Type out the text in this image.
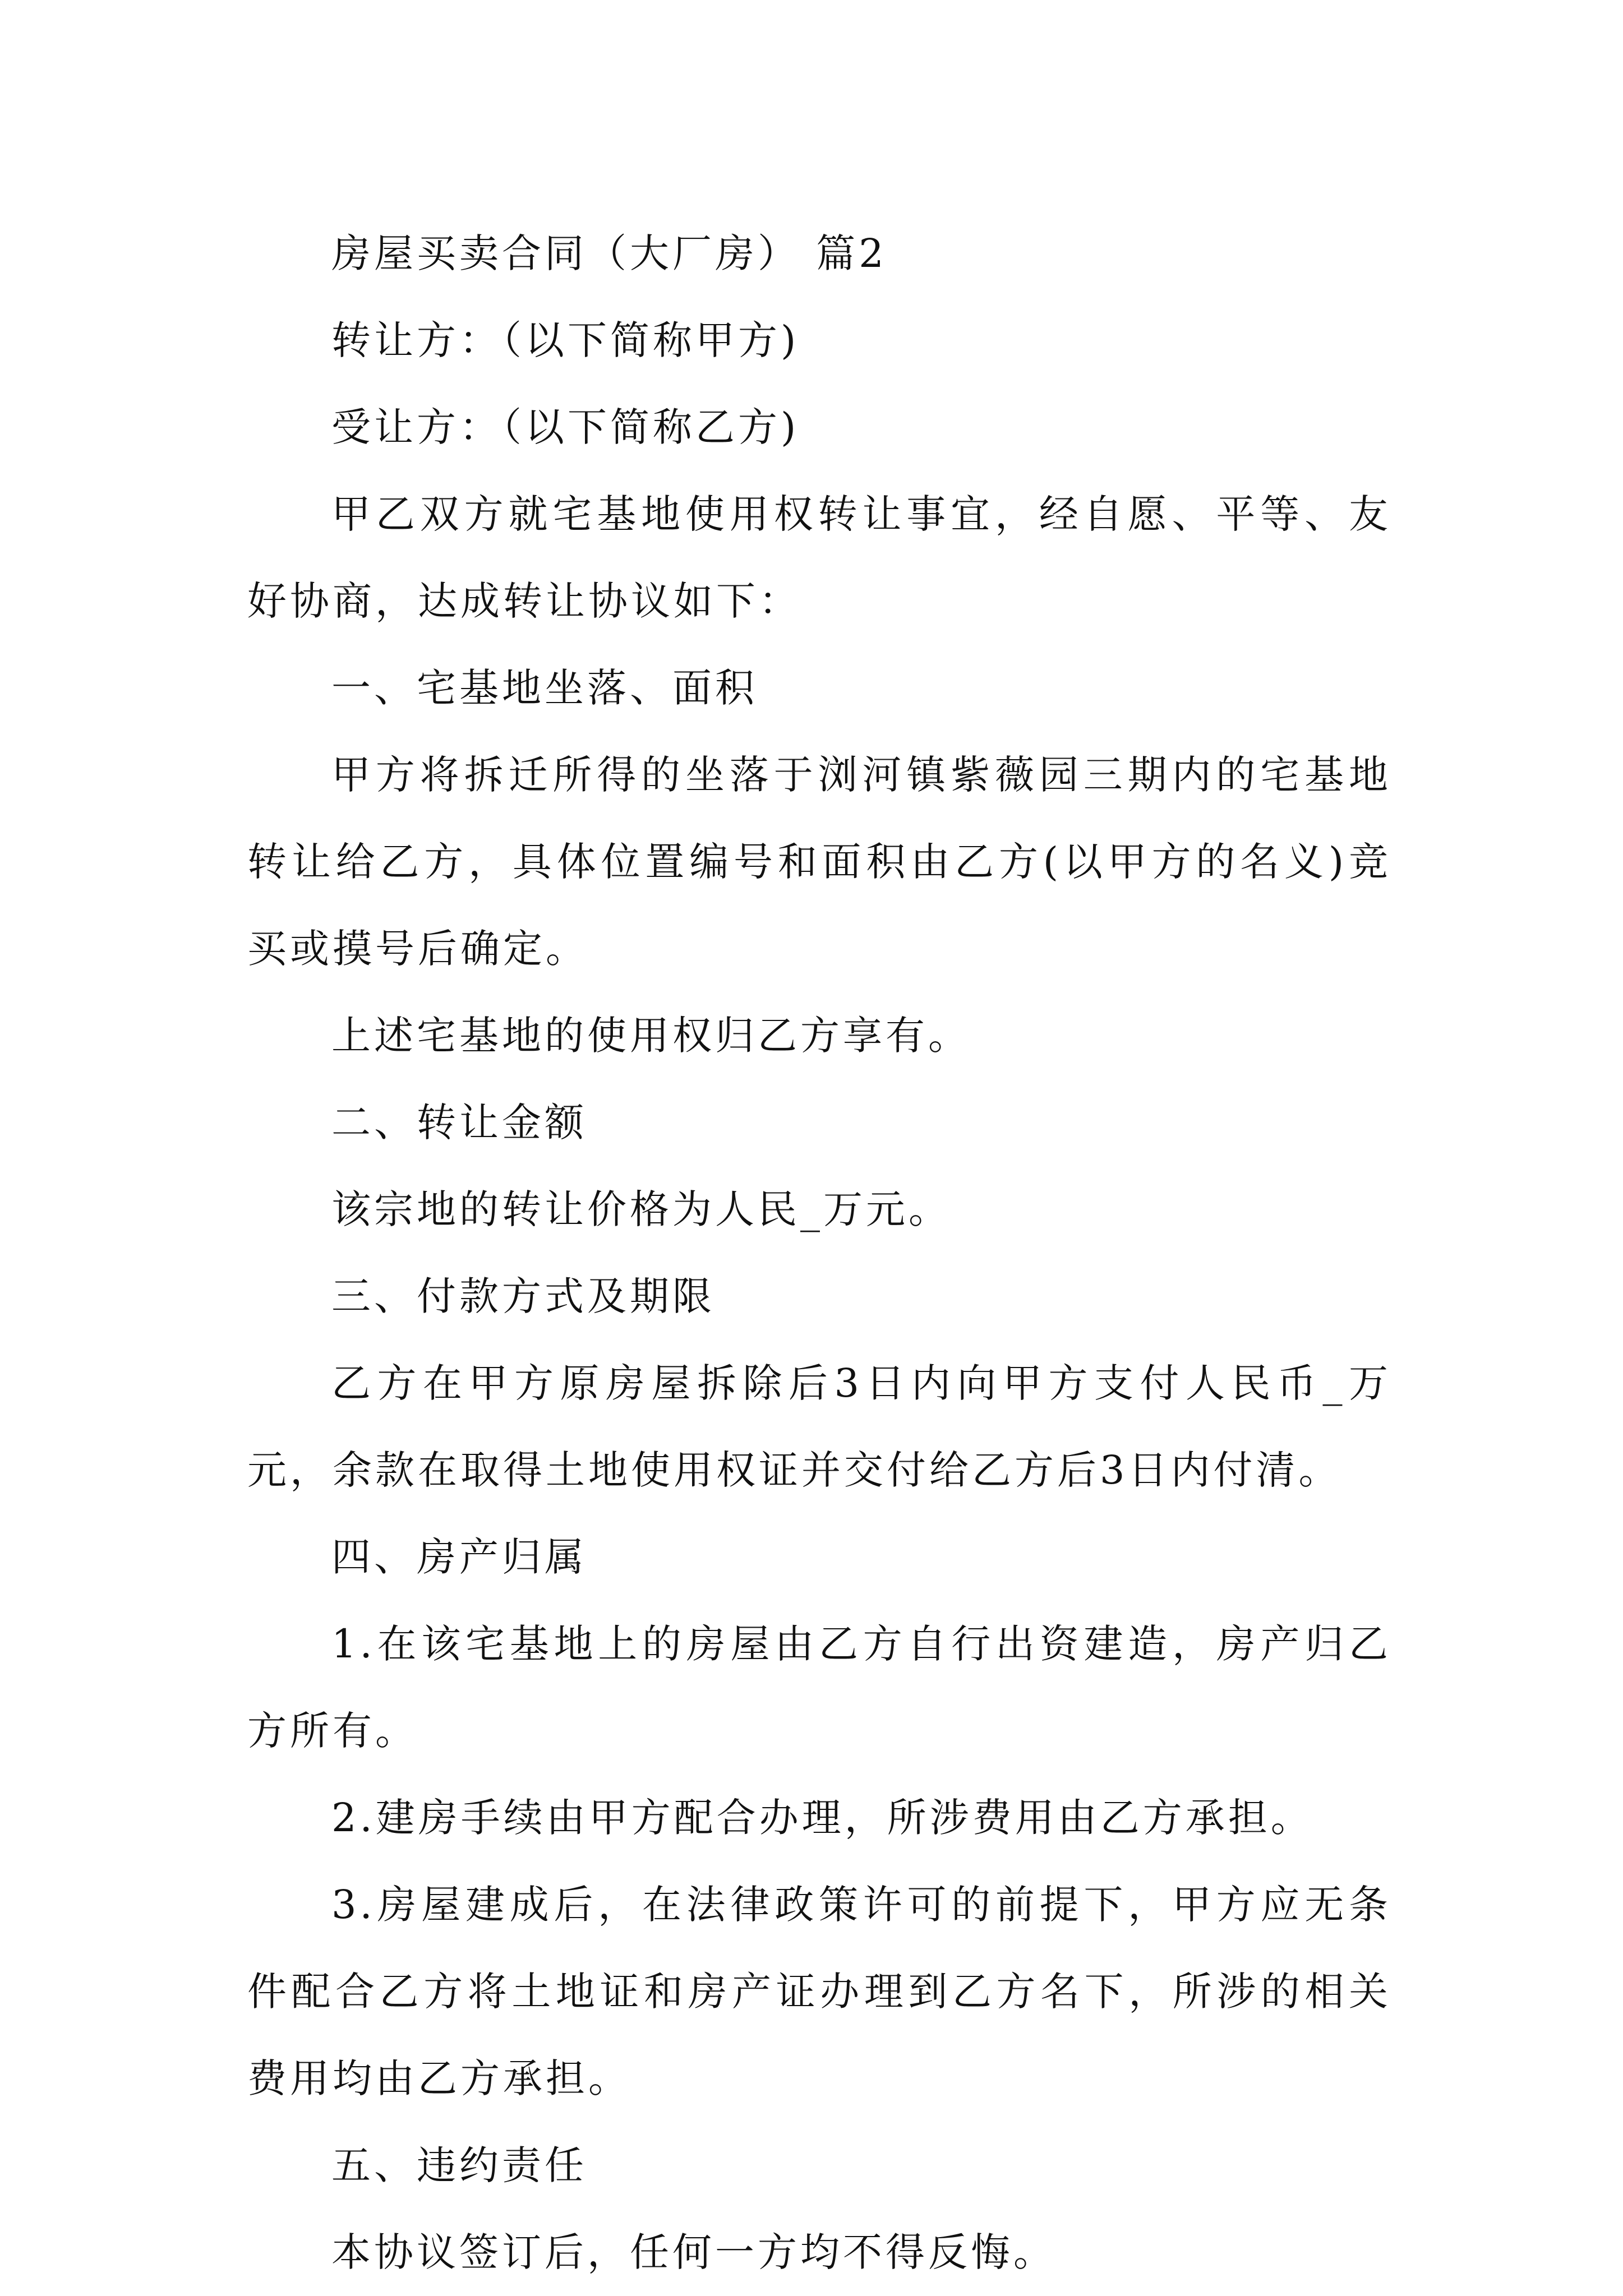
房屋买卖合同（大厂房） 篇2

转让方：（以下简称甲方)

受让方：（以下简称乙方)

甲乙双方就宅基地使用权转让事宜，经自愿、平等、友好协商，达成转让协议如下：

一、宅基地坐落、面积

甲方将拆迁所得的坐落于浏河镇紫薇园三期内的宅基地转让给乙方，具体位置编号和面积由乙方(以甲方的名义)竞买或摸号后确定。

上述宅基地的使用权归乙方享有。

二、转让金额

该宗地的转让价格为人民_万元。

三、付款方式及期限

乙方在甲方原房屋拆除后3日内向甲方支付人民币_万元，余款在取得土地使用权证并交付给乙方后3日内付清。

四、房产归属

1.在该宅基地上的房屋由乙方自行出资建造，房产归乙方所有。

2.建房手续由甲方配合办理，所涉费用由乙方承担。

3.房屋建成后，在法律政策许可的前提下，甲方应无条件配合乙方将土地证和房产证办理到乙方名下，所涉的相关费用均由乙方承担。

五、违约责任

本协议签订后，任何一方均不得反悔。
